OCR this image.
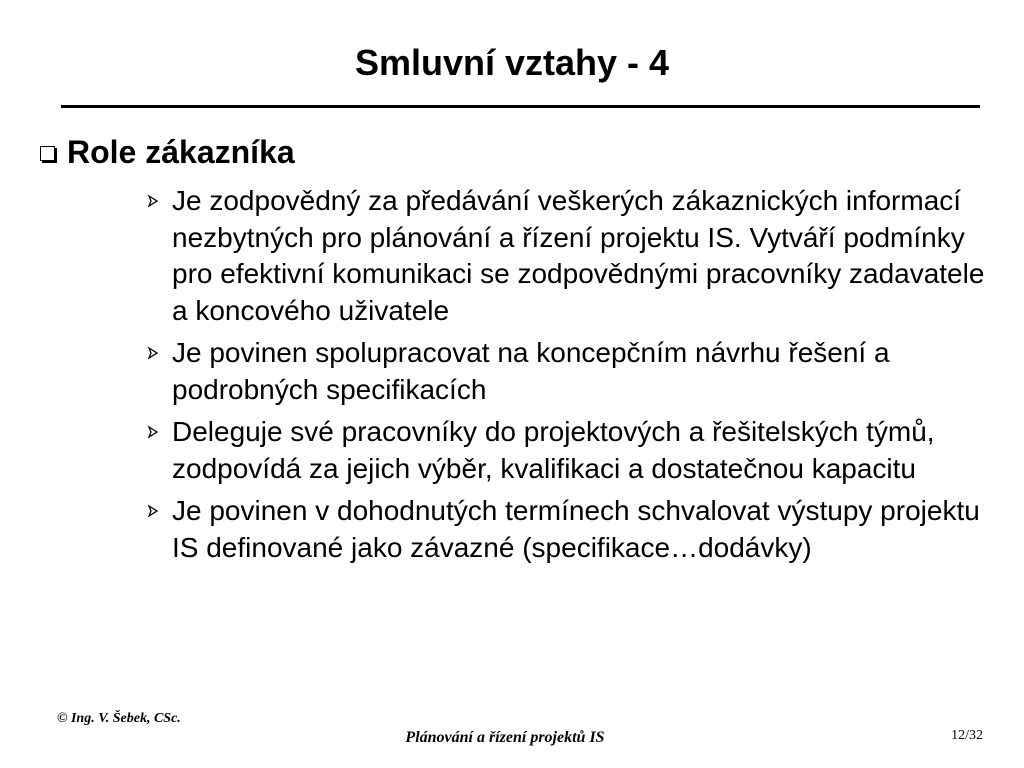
Smluvní vztahy - 4
Role zákazníka
Je zodpovědný za předávání veškerých zákaznických informací nezbytných pro plánování a řízení projektu IS. Vytváří podmínky pro efektivní komunikaci se zodpovědnými pracovníky zadavatele a koncového uživatele
Je povinen spolupracovat na koncepčním návrhu řešení a podrobných specifikacích
Deleguje své pracovníky do projektových a řešitelských týmů, zodpovídá za jejich výběr, kvalifikaci a dostatečnou kapacitu
Je povinen v dohodnutých termínech schvalovat výstupy projektu IS definované jako závazné (specifikace…dodávky)
© Ing. V. Šebek, CSc.
Plánování a řízení projektů IS	12/32
